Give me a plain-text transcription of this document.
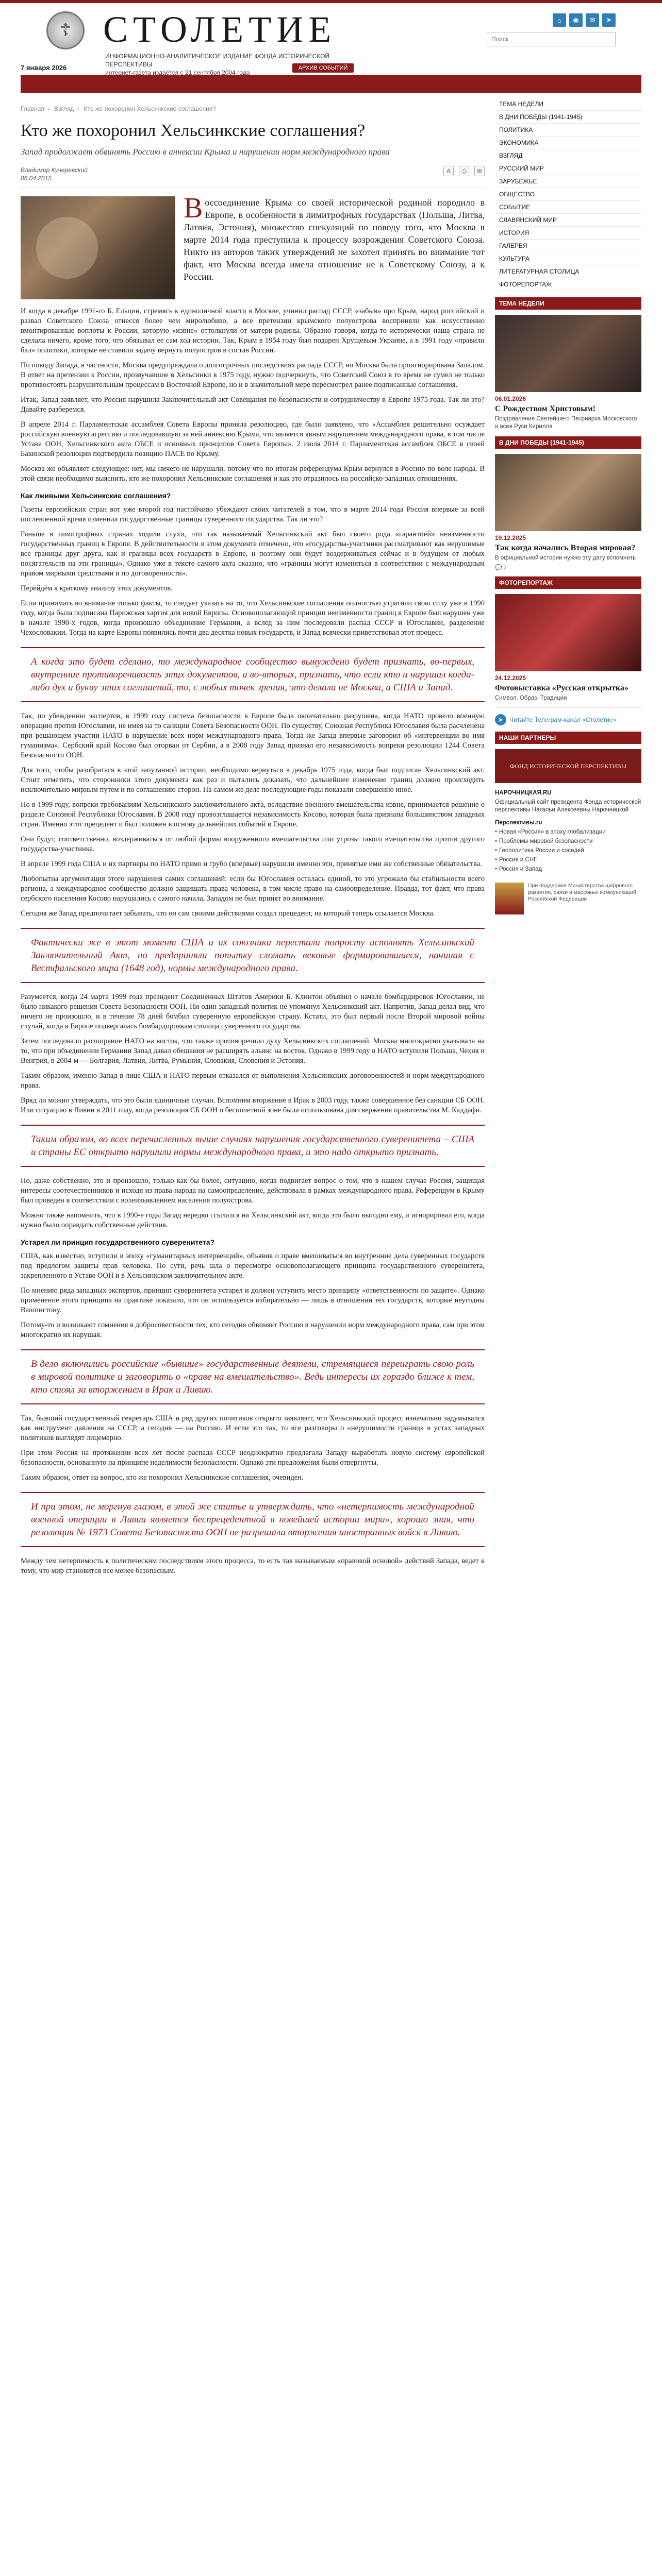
☦ СТОЛЕТИЕ
ИНФОРМАЦИОННО-АНАЛИТИЧЕСКОЕ ИЗДАНИЕ ФОНДА ИСТОРИЧЕСКОЙ ПЕРСПЕКТИВЫ
интернет-газета издаётся с 21 сентября 2004 года
⌂	◉	✉	➤
Поиск
7 января 2026	АРХИВ СОБЫТИЙ
Главная › Взгляд › Кто же похоронил Хельсинкские соглашения?
Кто же похоронил Хельсинкские соглашения?
Запад продолжает обвинять Россию в аннексии Крыма и нарушении норм международного права
Владимир Кучеревский
06.04.2015
A	⎙	✉
Воссоединение Крыма со своей исторической родиной породило в Европе, в особенности в лимитрофных государствах (Польша, Литва, Латвия, Эстония), множество спекуляций по поводу того, что Москва в марте 2014 года преступила к процессу возрождения Советского Союза. Никто из авторов таких утверждений не захотел принять во внимание тот факт, что Москва всегда имела отношение не к Советскому Союзу, а к России.

И когда в декабре 1991-го Б. Ельцин, стремясь к единоличной власти в Москве, учинил распад СССР, «забыв» про Крым, народ российский и развал Советского Союза отнесся более чем миролюбиво, а все претензии крымского полуострова восприняли как искусственно вмонтированные воплоты к России, которую «извне» оттолкнули от матери-родины. Образно говоря, когда-то исторически наша страна не сделала ничего, кроме того, что обязывал ее сам ход истории. Так, Крым в 1954 году был подарен Хрущевым Украине, а в 1991 году «правили бал» политики, которые не ставили задачу вернуть полуостров в состав России.

По поводу Запада, в частности, Москва предупреждала о долгосрочных последствиях распада СССР, но Москва была проигнорирована Западом. В ответ на претензии к России, прозвучавшие в Хельсинки в 1975 году, нужно подчеркнуть, что Советский Союз в то время не сумел не только противостоять разрушительным процессам в Восточной Европе, но и в значительной мере пересмотрел ранее подписанные соглашения.

Итак, Запад заявляет, что Россия нарушила Заключительный акт Совещания по безопасности и сотрудничеству в Европе 1975 года. Так ли это? Давайте разберемся.

В апреле 2014 г. Парламентская ассамблея Совета Европы приняла резолюцию, где было заявлено, что «Ассамблея решительно осуждает российскую военную агрессию и последовавшую за ней аннексию Крыма, что является явным нарушением международного права, в том числе Устава ООН, Хельсинкского акта ОБСЕ и основных принципов Совета Европы». 2 июля 2014 г. Парламентская ассамблея ОБСЕ в своей Бакинской резолюции подтвердила позицию ПАСЕ по Крыму.

Москва же объявляет следующее: нет, мы ничего не нарушали, потому что по итогам референдума Крым вернулся в Россию по воле народа. В этой связи необходимо выяснить, кто же похоронил Хельсинкские соглашения и как это отразилось на российско-западных отношениях.

Как лживыми Хельсинкские соглашения?

Газеты европейских стран вот уже второй год настойчиво убеждают своих читателей в том, что в марте 2014 года Россия впервые за всей послевоенной время изменила государственные границы суверенного государства. Так ли это?

Раньше в лимитрофных странах ходили слухи, что так называемый Хельсинкский акт был своего рода «гарантией» неизменности государственных границ в Европе. В действительности в этом документе отмечено, что «государства-участники рассматривают как нерушимые все границы друг друга, как и границы всех государств в Европе, и поэтому они будут воздерживаться сейчас и в будущем от любых посягательств на эти границы». Однако уже в тексте самого акта сказано, что «границы могут изменяться в соответствии с международным правом мирными средствами и по договоренности».

Перейдём к краткому анализу этих документов.

Если принимать во внимание только факты, то следует указать на то, что Хельсинкские соглашения полностью утратили свою силу уже в 1990 году, когда была подписана Парижская хартия для новой Европы. Основополагающий принцип неизменности границ в Европе был нарушен уже в начале 1990-х годов, когда произошло объединение Германии, а вслед за ним последовали распад СССР и Югославии, разделение Чехословакии. Тогда на карте Европы появились почти два десятка новых государств, и Запад всячески приветствовал этот процесс.

А когда это будет сделано, то международное сообщество вынуждено будет признать, во-первых, внутренние противоречивость этих документов, а во-вторых, признать, что если кто и нарушал когда-либо дух и букву этих соглашений, то, с любых точек зрения, это делала не Москва, а США и Запад.

Так, по убеждению экспертов, в 1999 году система безопасности в Европе была окончательно разрушена, когда НАТО провело военную операцию против Югославии, не имея на то санкции Совета Безопасности ООН. По существу, Союзная Республика Югославия была расчленена при решающем участии НАТО в нарушение всех норм международного права. Тогда же Запад впервые заговорил об «интервенции во имя гуманизма». Сербский край Косово был оторван от Сербии, а в 2008 году Запад признал его независимость вопреки резолюции 1244 Совета Безопасности ООН.

Для того, чтобы разобраться в этой запутанной истории, необходимо вернуться в декабрь 1975 года, когда был подписан Хельсинкский акт. Стоит отметить, что сторонники этого документа как раз и пытались доказать, что дальнейшее изменение границ должно происходить исключительно мирным путем и по соглашению сторон. На самом же деле последующие годы показали совершенно иное.

Но в 1999 году, вопреки требованиям Хельсинкского заключительного акта, вследствие военного вмешательства извне, принимается решение о разделе Союзной Республики Югославия. В 2008 году провозглашается независимость Косово, которая была признана большинством западных стран. Именно этот прецедент и был положен в основу дальнейших событий в Европе.

Они будут, соответственно, воздерживаться от любой формы вооруженного вмешательства или угрозы такого вмешательства против другого государства-участника.

В апреле 1999 года США и их партнеры по НАТО прямо и грубо (впервые) нарушили именно эти, принятые ими же собственные обязательства.

Любопытна аргументация этого нарушения самих соглашений: если бы Югославия осталась единой, то это угрожало бы стабильности всего региона, а международное сообщество должно защищать права человека, в том числе право на самоопределение. Правда, тот факт, что права сербского населения Косово нарушались с самого начала, Западом не был принят во внимание.

Сегодня же Запад предпочитает забывать, что он сам своими действиями создал прецедент, на который теперь ссылается Москва.

Фактически же в этот момент США и их союзники перестали попросту исполнять Хельсинкский Заключительный Акт, но предприняли попытку сломать вековые формировавшиеся, начиная с Вестфальского мира (1648 год), нормы международного права.

Разумеется, когда 24 марта 1999 года президент Соединенных Штатов Америки Б. Клинтон объявил о начале бомбардировок Югославии, не было никакого решения Совета Безопасности ООН. Ни один западный политик не упомянул Хельсинкский акт. Напротив, Запад делал вид, что ничего не произошло, и в течение 78 дней бомбил суверенную европейскую страну. Кстати, это был первый после Второй мировой войны случай, когда в Европе подвергалась бомбардировкам столица суверенного государства.

Затем последовало расширение НАТО на восток, что также противоречило духу Хельсинкских соглашений. Москва многократно указывала на то, что при объединении Германии Запад давал обещания не расширять альянс на восток. Однако в 1999 году в НАТО вступили Польша, Чехия и Венгрия, в 2004-м — Болгария, Латвия, Литва, Румыния, Словакия, Словения и Эстония.

Таким образом, именно Запад в лице США и НАТО первым отказался от выполнения Хельсинкских договоренностей и норм международного права.

Вряд ли можно утверждать, что это были единичные случаи. Вспомним вторжение в Ирак в 2003 году, также совершенное без санкции СБ ООН. Или ситуацию в Ливии в 2011 году, когда резолюция СБ ООН о бесполетной зоне была использована для свержения правительства М. Каддафи.

Таким образом, во всех перечисленных выше случаях нарушения государственного суверенитета – США и страны ЕС открыто нарушили нормы международного права, и это надо открыто признать.

Но, даже собственно, это и произошло, только как бы более, ситуацию, когда подвигает вопрос о том, что в нашем случае Россия, защищая интересы соотечественников и исходя из права народа на самоопределение, действовала в рамках международного права. Референдум в Крыму был проведен в соответствии с волеизъявлением населения полуострова.

Можно также напомнить, что в 1990-е годы Запад нередко ссылался на Хельсинкский акт, когда это было выгодно ему, и игнорировал его, когда нужно было оправдать собственные действия.

Устарел ли принцип государственного суверенитета?

США, как известно, вступили в эпоху «гуманитарных интервенций», объявив о праве вмешиваться во внутренние дела суверенных государств под предлогом защиты прав человека. По сути, речь шла о пересмотре основополагающего принципа государственного суверенитета, закрепленного в Уставе ООН и в Хельсинкском заключительном акте.

По мнению ряда западных экспертов, принцип суверенитета устарел и должен уступить место принципу «ответственности по защите». Однако применение этого принципа на практике показало, что он используется избирательно — лишь в отношении тех государств, которые неугодны Вашингтону.

Потому-то и возникают сомнения в добросовестности тех, кто сегодня обвиняет Россию в нарушении норм международного права, сам при этом многократно их нарушая.

В дело включились российские «бывшие» государственные деятели, стремящиеся переиграть свою роль в мировой политике и заговорить о «праве на вмешательство». Ведь интересы их гораздо ближе к тем, кто стоял за вторжением в Ирак и Ливию.

Так, бывший государственный секретарь США и ряд других политиков открыто заявляют, что Хельсинкский процесс изначально задумывался как инструмент давления на СССР, а сегодня — на Россию. И если это так, то все разговоры о «нерушимости границ» в устах западных политиков выглядят лицемерно.

При этом Россия на протяжении всех лет после распада СССР неоднократно предлагала Западу выработать новую систему европейской безопасности, основанную на принципе неделимости безопасности. Однако эти предложения были отвергнуты.

Таким образом, ответ на вопрос, кто же похоронил Хельсинкские соглашения, очевиден.

И при этом, не моргнув глазом, в этой же статье и утверждать, что «нетерпимость международной военной операции в Ливии является беспрецедентной в новейшей истории мира», хорошо зная, что резолюция № 1973 Совета Безопасности ООН не разрешала вторжения иностранных войск в Ливию.

Между тем нетерпимость к политическим последствиям этого процесса, то есть так называемым «правовой основой» действий Запада, ведет к тому, что мир становится все менее безопасным.

ТЕМА НЕДЕЛИ
В ДНИ ПОБЕДЫ (1941-1945)
ПОЛИТИКА
ЭКОНОМИКА
ВЗГЛЯД
РУССКИЙ МИР
ЗАРУБЕЖЬЕ
ОБЩЕСТВО
СОБЫТИЕ
СЛАВЯНСКИЙ МИР
ИСТОРИЯ
ГАЛЕРЕЯ
КУЛЬТУРА
ЛИТЕРАТУРНАЯ СТОЛИЦА
ФОТОРЕПОРТАЖ
ТЕМА НЕДЕЛИ
06.01.2026
С Рождеством Христовым!
Поздравление Святейшего Патриарха Московского и всея Руси Кирилла
В ДНИ ПОБЕДЫ (1941-1945)
19.12.2025
Так когда начались Вторая мировая?
В официальной истории нужно эту дату вспомнить
💬 2
ФОТОРЕПОРТАЖ
24.12.2025
Фотовыставка «Русская открытка»
Символ. Образ. Традиции
➤ Читайте Телеграм-канал «Столетие»
НАШИ ПАРТНЕРЫ
ФОНД ИСТОРИЧЕСКОЙ ПЕРСПЕКТИВЫ
НАРОЧНИЦКАЯ.RU
Официальный сайт президента Фонда исторической перспективы Натальи Алексеевны Нарочницкой
Перспективы.ru
• Новая «Россия» в эпоху глобализации
• Проблемы мировой безопасности
• Геополитика России и соседей
• Россия и СНГ
• Россия и Запад
При поддержке Министерства цифрового развития, связи и массовых коммуникаций Российской Федерации
